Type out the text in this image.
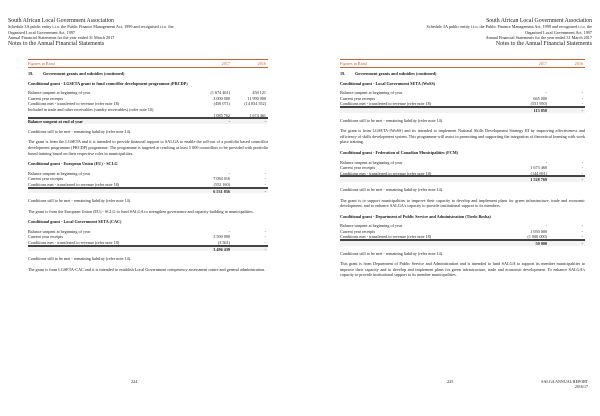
South African Local Government Association
Schedule 3A public entity i.t.o. the Public Finance Management Act, 1999 and recognised i.t.o. the
Organised Local Government Act, 1997
Annual Financial Statements for the year ended 31 March 2017
Notes to the Annual Financial Statements
Figures in Rand	2017	2016
19. Government grants and subsidies (continued)
Conditional grant - LGSETA grant to fund councillor development programme (PRCDP)
Balance unspent at beginning of year	(1 674 461)	450 121
Current year receipts	3 000 000	11 990 000
Conditions met - transferred to revenue (refer note 18)	(450 071)	(14 054 552)
Included in trade and other receivables (sundry receivables) (refer note 10)
1 085 762	1 674 461
Balance unspent at end of year	-	-

Conditions still to be met - remaining liability (refer note 14).

The grant is from the LGSETA and it is intended to provide financial support to SALGA to enable the roll-out of a portfolio based councillor development programme (PRCDP) programme. The programme is targeted at reaching at least 5 000 councillors to be provided with portfolio based training based on their respective roles in municipalities.

Conditional grant - European Union (EU) - SCLG
Balance unspent at beginning of year	-	-
Current year receipts	7 084 016	-
Conditions met - transferred to revenue (refer note 18)	(552 160)	-
6 531 856	-

Conditions still to be met - remaining liability (refer note 14).

The grant is from the European Union (EU) - SCLG to fund SALGA to strengthen governance and capacity building in municipalities.

Conditional grant - Local Government SETA (CAC)
Balance unspent at beginning of year	-	-
Current year receipts	3 500 000	-
Conditions met - transferred to revenue (refer note 18)	(3 561)	-
3 496 439	-

Conditions still to be met - remaining liability (refer note 14).

The grant is from LGSETA-CAC and it is intended to establish Local Government competency assessment centre and general administration.

224
South African Local Government Association
Schedule 3A public entity i.t.o. the Public Finance Management Act, 1999 and recognised i.t.o. the
Organised Local Government Act, 1997
Annual Financial Statements for the year ended 31 March 2017
Notes to the Annual Financial Statements
Figures in Rand	2017	2016
19. Government grants and subsidies (continued)
Conditional grant - Local Government SETA (WoSS)
Balance unspent at beginning of year	-	-
Current year receipts	665 000	-
Conditions met - transferred to revenue (refer note 18)	(551 950)	-
113 050	-

Conditions still to be met - remaining liability (refer note 14).

The grant is from LGSETA-(WoSS) and its intended to implement National Skills Development Strategy III by improving effectiveness and efficiency of skills development system. This programme will assist in promoting and supporting the integration of theoretical learning with work place training.

Conditional grant - Federation of Canadian Municipalities (FCM)
Balance unspent at beginning of year	-	-
Current year receipts	1 673 460	-
Conditions met - transferred to revenue (refer note 18)	(144 691)	-
1 528 769	-

Conditions still to be met - remaining liability (refer note 14).

The grant is to support municipalities to improve their capacity to develop and implement plans for green infrastructure, trade and economic development, and to enhance SALGA's capacity to provide institutional support to its members.

Conditional grant - Department of Public Service and Administration (Tirelo Bosha)
Balance unspent at beginning of year	-	-
Current year receipts	1 050 000	-
Conditions met - transferred to revenue (refer note 18)	(1 000 000)	-
50 000	-

Conditions still to be met - remaining liability (refer note 14).

This grant is from Department of Public Service and Administration and is intended to fund SALGA to support its member municipalities to improve their capacity and to develop and implement plans for green infrastructure, trade and economic development. To enhance SALGA's capacity to provide institutional support to its member municipalities.

225	SALGA ANNUAL REPORT
2016/17
